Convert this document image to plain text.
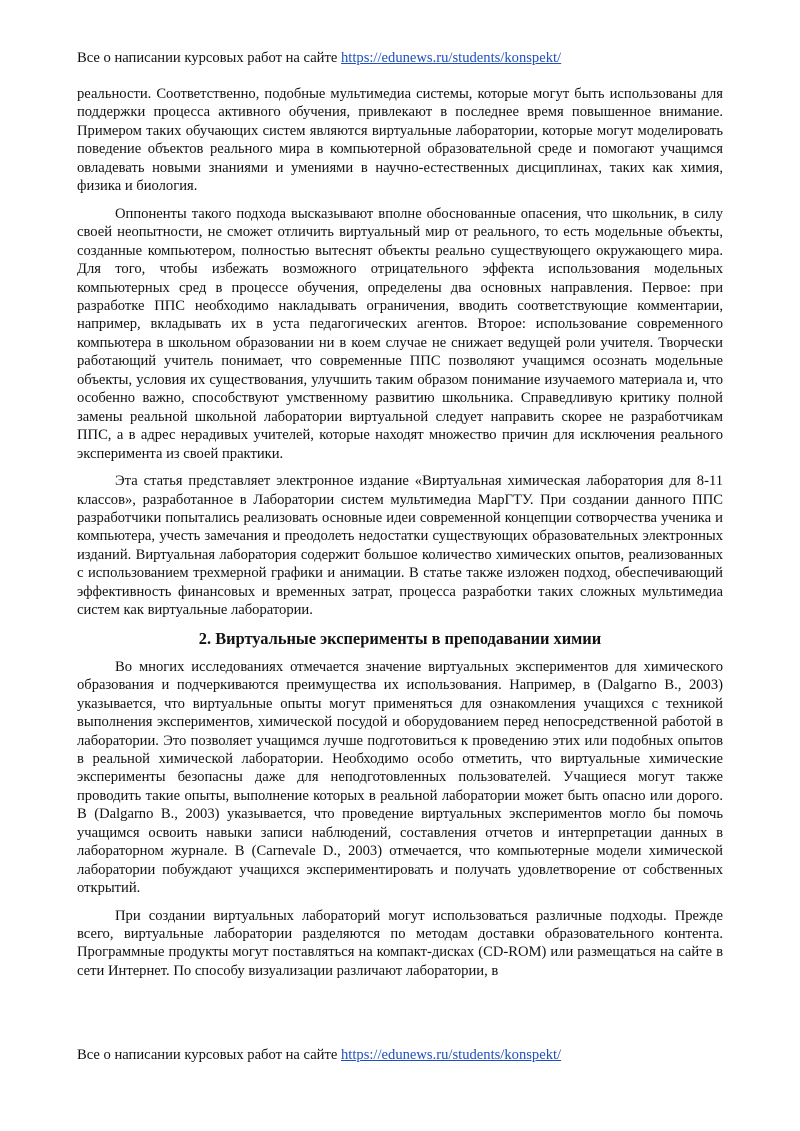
Все о написании курсовых работ на сайте https://edunews.ru/students/konspekt/

реальности. Соответственно, подобные мультимедиа системы, которые могут быть использованы для поддержки процесса активного обучения, привлекают в последнее время повышенное внимание. Примером таких обучающих систем являются виртуальные лаборатории, которые могут моделировать поведение объектов реального мира в компьютерной образовательной среде и помогают учащимся овладевать новыми знаниями и умениями в научно-естественных дисциплинах, таких как химия, физика и биология.

Оппоненты такого подхода высказывают вполне обоснованные опасения, что школьник, в силу своей неопытности, не сможет отличить виртуальный мир от реального, то есть модельные объекты, созданные компьютером, полностью вытеснят объекты реально существующего окружающего мира. Для того, чтобы избежать возможного отрицательного эффекта использования модельных компьютерных сред в процессе обучения, определены два основных направления. Первое: при разработке ППС необходимо накладывать ограничения, вводить соответствующие комментарии, например, вкладывать их в уста педагогических агентов. Второе: использование современного компьютера в школьном образовании ни в коем случае не снижает ведущей роли учителя. Творчески работающий учитель понимает, что современные ППС позволяют учащимся осознать модельные объекты, условия их существования, улучшить таким образом понимание изучаемого материала и, что особенно важно, способствуют умственному развитию школьника. Справедливую критику полной замены реальной школьной лаборатории виртуальной следует направить скорее не разработчикам ППС, а в адрес нерадивых учителей, которые находят множество причин для исключения реального эксперимента из своей практики.

Эта статья представляет электронное издание «Виртуальная химическая лаборатория для 8-11 классов», разработанное в Лаборатории систем мультимедиа МарГТУ. При создании данного ППС разработчики попытались реализовать основные идеи современной концепции сотворчества ученика и компьютера, учесть замечания и преодолеть недостатки существующих образовательных электронных изданий. Виртуальная лаборатория содержит большое количество химических опытов, реализованных с использованием трехмерной графики и анимации. В статье также изложен подход, обеспечивающий эффективность финансовых и временных затрат, процесса разработки таких сложных мультимедиа систем как виртуальные лаборатории.

2. Виртуальные эксперименты в преподавании химии

Во многих исследованиях отмечается значение виртуальных экспериментов для химического образования и подчеркиваются преимущества их использования. Например, в (Dalgarno B., 2003) указывается, что виртуальные опыты могут применяться для ознакомления учащихся с техникой выполнения экспериментов, химической посудой и оборудованием перед непосредственной работой в лаборатории. Это позволяет учащимся лучше подготовиться к проведению этих или подобных опытов в реальной химической лаборатории. Необходимо особо отметить, что виртуальные химические эксперименты безопасны даже для неподготовленных пользователей. Учащиеся могут также проводить такие опыты, выполнение которых в реальной лаборатории может быть опасно или дорого. В (Dalgarno B., 2003) указывается, что проведение виртуальных экспериментов могло бы помочь учащимся освоить навыки записи наблюдений, составления отчетов и интерпретации данных в лабораторном журнале. В (Carnevale D., 2003) отмечается, что компьютерные модели химической лаборатории побуждают учащихся экспериментировать и получать удовлетворение от собственных открытий.

При создании виртуальных лабораторий могут использоваться различные подходы. Прежде всего, виртуальные лаборатории разделяются по методам доставки образовательного контента. Программные продукты могут поставляться на компакт-дисках (CD-ROM) или размещаться на сайте в сети Интернет. По способу визуализации различают лаборатории, в

Все о написании курсовых работ на сайте https://edunews.ru/students/konspekt/
